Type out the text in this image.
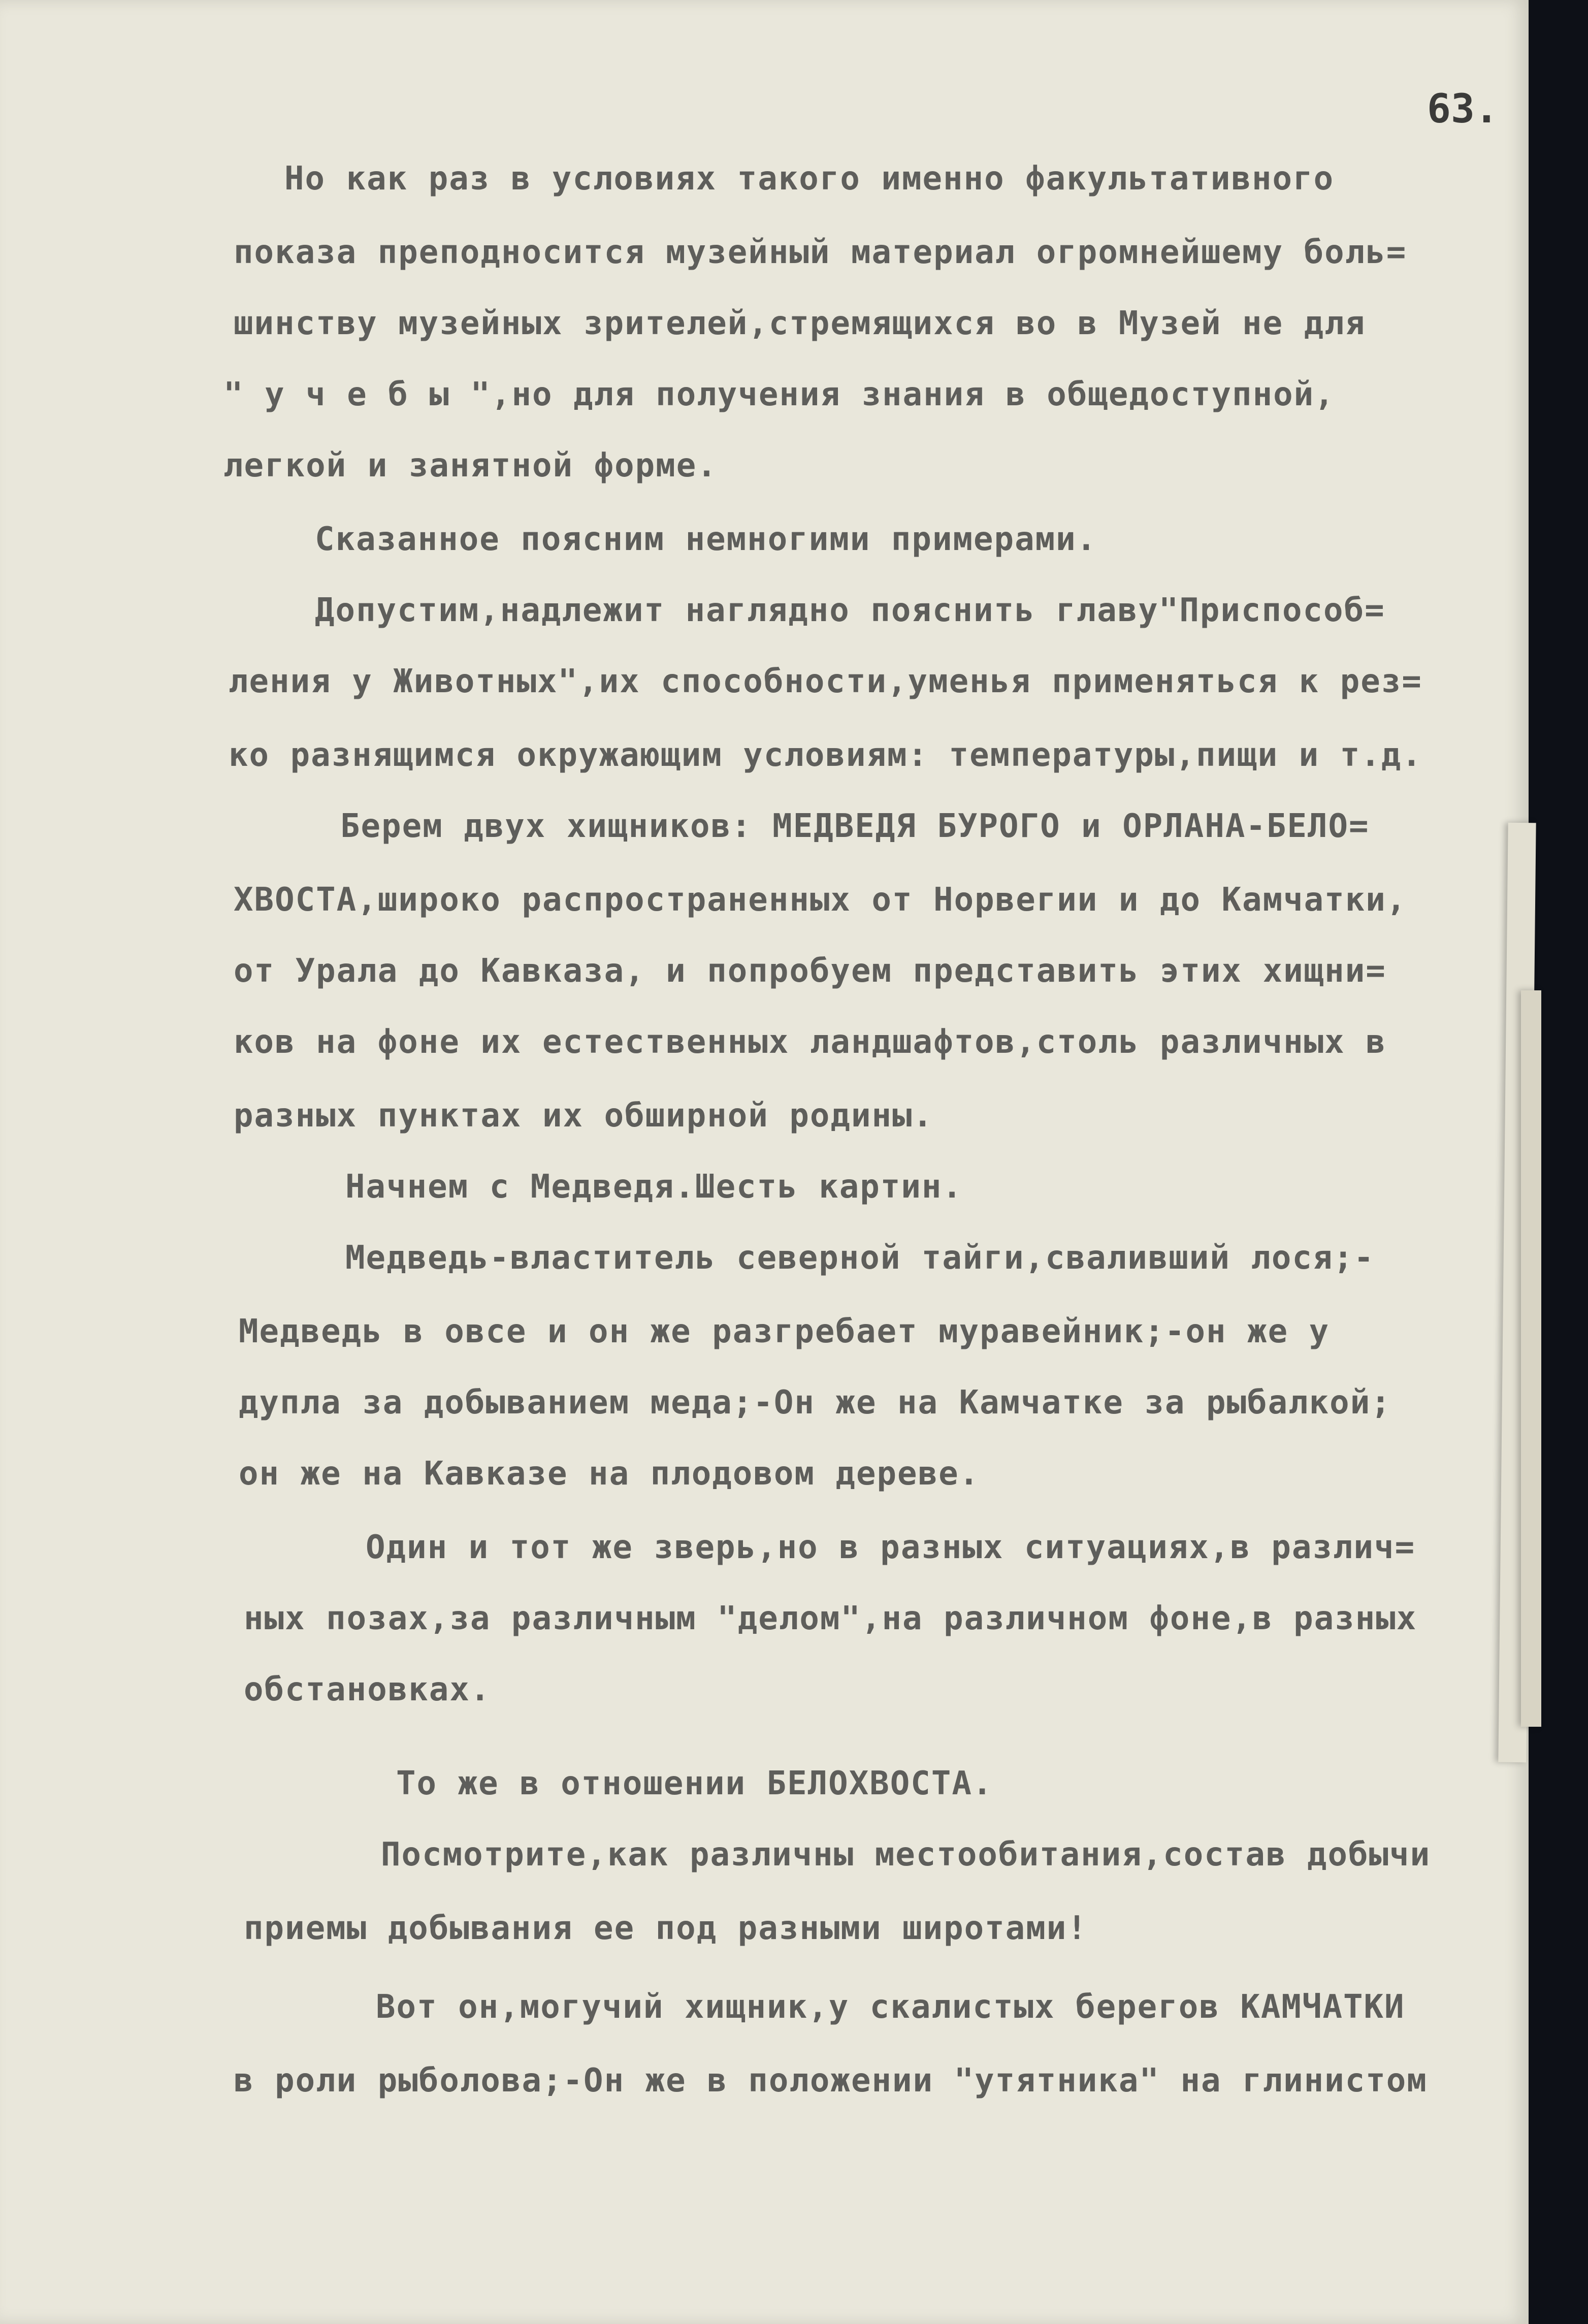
63.

Но как раз в условиях такого именно факультативного

показа преподносится музейный материал огромнейшему боль=

шинству музейных зрителей,стремящихся во в Музей не для

" у ч е б ы ",но для получения знания в общедоступной,

легкой и занятной форме.

Сказанное поясним немногими примерами.

Допустим,надлежит наглядно пояснить главу"Приспособ=

ления у Животных",их способности,уменья применяться к рез=

ко разнящимся окружающим условиям: температуры,пищи и т.д.

Берем двух хищников: МЕДВЕДЯ БУРОГО и ОРЛАНА-БЕЛО=

ХВОСТА,широко распространенных от Норвегии и до Камчатки,

от Урала до Кавказа, и попробуем представить этих хищни=

ков на фоне их естественных ландшафтов,столь различных в

разных пунктах их обширной родины.

Начнем с Медведя.Шесть картин.

Медведь-властитель северной тайги,сваливший лося;-

Медведь в овсе и он же разгребает муравейник;-он же у

дупла за добыванием меда;-Он же на Камчатке за рыбалкой;

он же на Кавказе на плодовом дереве.

Один и тот же зверь,но в разных ситуациях,в различ=

ных позах,за различным "делом",на различном фоне,в разных

обстановках.

То же в отношении БЕЛОХВОСТА.

Посмотрите,как различны местообитания,состав добычи

приемы добывания ее под разными широтами!

Вот он,могучий хищник,у скалистых берегов КАМЧАТКИ

в роли рыболова;-Он же в положении "утятника" на глинистом
